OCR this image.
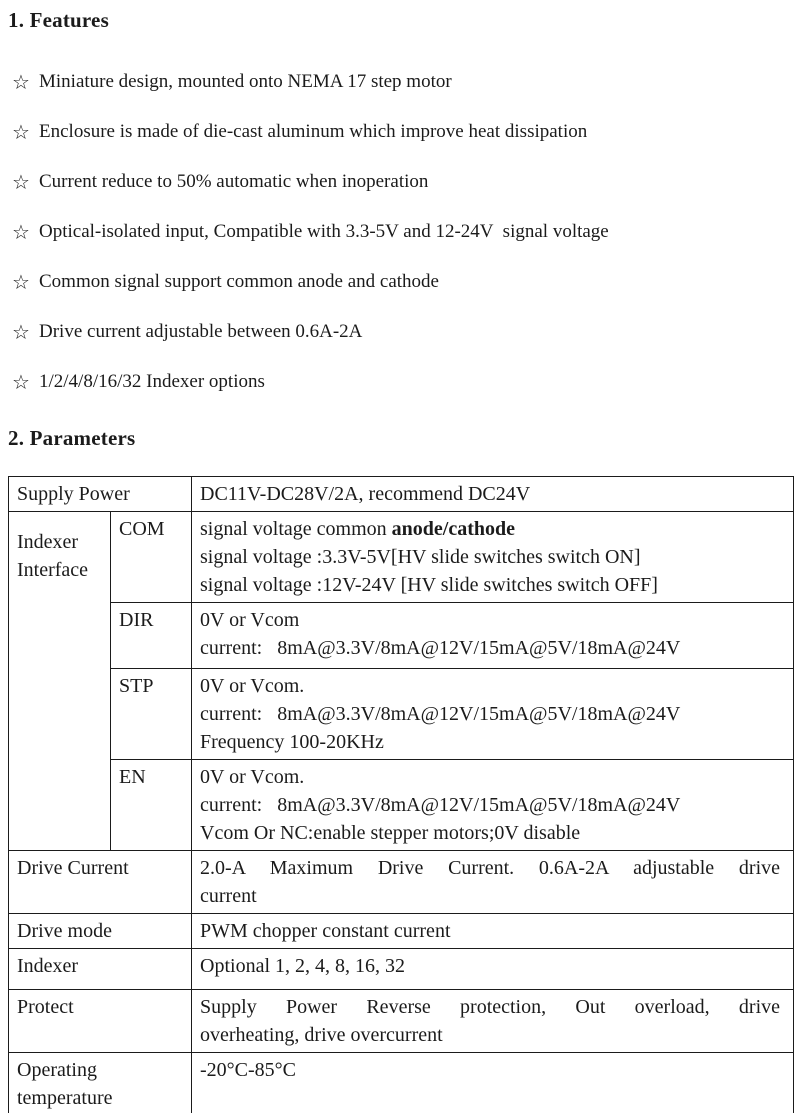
1. Features
☆ Miniature design, mounted onto NEMA 17 step motor
☆ Enclosure is made of die-cast aluminum which improve heat dissipation
☆ Current reduce to 50% automatic when inoperation
☆ Optical-isolated input, Compatible with 3.3-5V and 12-24V  signal voltage
☆ Common signal support common anode and cathode
☆ Drive current adjustable between 0.6A-2A
☆ 1/2/4/8/16/32 Indexer options
2. Parameters
Supply Power		DC11V-DC28V/2A, recommend DC24V
Indexer Interface	COM	signal voltage common anode/cathode
signal voltage :3.3V-5V[HV slide switches switch ON]
signal voltage :12V-24V [HV slide switches switch OFF]

	DIR	0V or Vcom
current:   8mA@3.3V/8mA@12V/15mA@5V/18mA@24V

	STP	0V or Vcom.
current:   8mA@3.3V/8mA@12V/15mA@5V/18mA@24V
Frequency 100-20KHz

	EN	0V or Vcom.
current:   8mA@3.3V/8mA@12V/15mA@5V/18mA@24V
Vcom Or NC:enable stepper motors;0V disable

Drive Current		2.0-A Maximum Drive Current. 0.6A-2A adjustable drive
current

Drive mode		PWM chopper constant current
Indexer		Optional 1, 2, 4, 8, 16, 32
Protect		Supply Power Reverse protection, Out overload, drive
overheating, drive overcurrent

Operating temperature		-20°C-85°C
